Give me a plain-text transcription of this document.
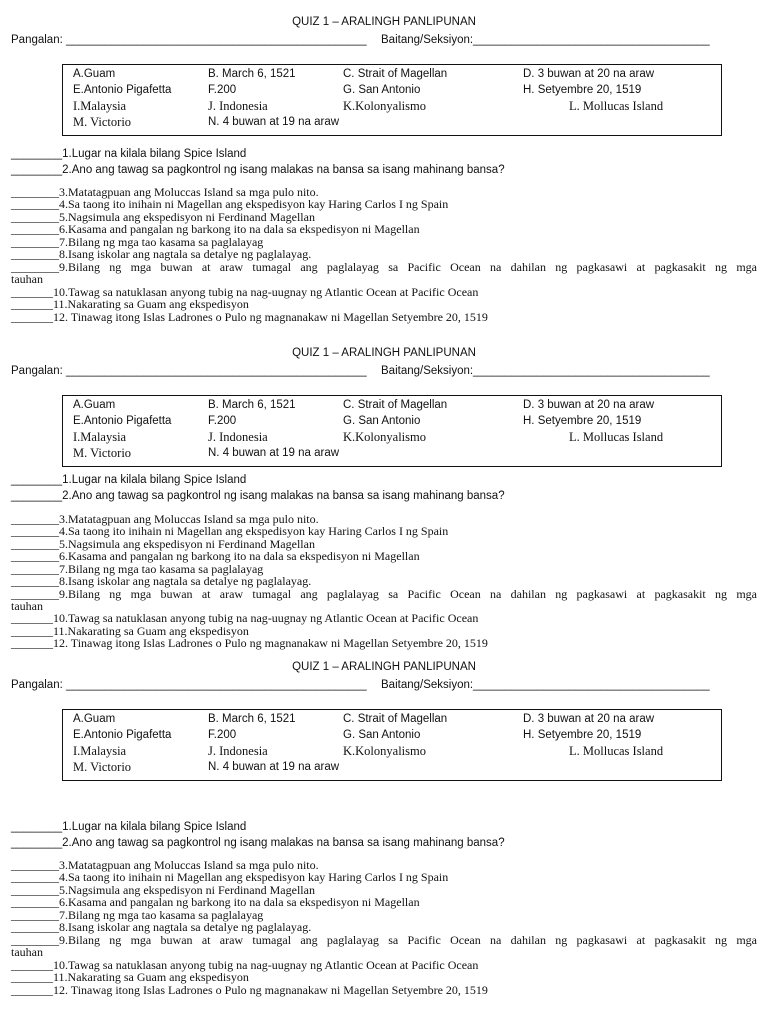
QUIZ 1 – ARALINGH PANLIPUNAN
Pangalan: _______________________________________________ Baitang/Seksiyon:_____________________________________
A.Guam	B. March 6, 1521	C. Strait of Magellan	D. 3 buwan at 20 na araw
E.Antonio Pigafetta	F.200	G. San Antonio	H. Setyembre 20, 1519
I.Malaysia	J. Indonesia	K.Kolonyalismo	L. Mollucas Island
M. Victorio	N. 4 buwan at 19 na araw
________1.Lugar na kilala bilang Spice Island
________2.Ano ang tawag sa pagkontrol ng isang malakas na bansa sa isang mahinang bansa?
________3.Matatagpuan ang Moluccas Island sa mga pulo nito.
________4.Sa taong ito inihain ni Magellan ang ekspedisyon kay Haring Carlos I ng Spain
________5.Nagsimula ang ekspedisyon ni Ferdinand Magellan
________6.Kasama and pangalan ng barkong ito na dala sa ekspedisyon ni Magellan
________7.Bilang ng mga tao kasama sa paglalayag
________8.Isang iskolar ang nagtala sa detalye ng paglalayag.
________9.Bilang ng mga buwan at araw tumagal ang paglalayag sa Pacific Ocean na dahilan ng pagkasawi at pagkasakit ng mga
tauhan
_______10.Tawag sa natuklasan anyong tubig na nag-uugnay ng Atlantic Ocean at Pacific Ocean
_______11.Nakarating sa Guam ang ekspedisyon
_______12. Tinawag itong Islas Ladrones o Pulo ng magnanakaw ni Magellan Setyembre 20, 1519
QUIZ 1 – ARALINGH PANLIPUNAN
Pangalan: _______________________________________________ Baitang/Seksiyon:_____________________________________
A.Guam	B. March 6, 1521	C. Strait of Magellan	D. 3 buwan at 20 na araw
E.Antonio Pigafetta	F.200	G. San Antonio	H. Setyembre 20, 1519
I.Malaysia	J. Indonesia	K.Kolonyalismo	L. Mollucas Island
M. Victorio	N. 4 buwan at 19 na araw
________1.Lugar na kilala bilang Spice Island
________2.Ano ang tawag sa pagkontrol ng isang malakas na bansa sa isang mahinang bansa?
________3.Matatagpuan ang Moluccas Island sa mga pulo nito.
________4.Sa taong ito inihain ni Magellan ang ekspedisyon kay Haring Carlos I ng Spain
________5.Nagsimula ang ekspedisyon ni Ferdinand Magellan
________6.Kasama and pangalan ng barkong ito na dala sa ekspedisyon ni Magellan
________7.Bilang ng mga tao kasama sa paglalayag
________8.Isang iskolar ang nagtala sa detalye ng paglalayag.
________9.Bilang ng mga buwan at araw tumagal ang paglalayag sa Pacific Ocean na dahilan ng pagkasawi at pagkasakit ng mga
tauhan
_______10.Tawag sa natuklasan anyong tubig na nag-uugnay ng Atlantic Ocean at Pacific Ocean
_______11.Nakarating sa Guam ang ekspedisyon
_______12. Tinawag itong Islas Ladrones o Pulo ng magnanakaw ni Magellan Setyembre 20, 1519
QUIZ 1 – ARALINGH PANLIPUNAN
Pangalan: _______________________________________________ Baitang/Seksiyon:_____________________________________
A.Guam	B. March 6, 1521	C. Strait of Magellan	D. 3 buwan at 20 na araw
E.Antonio Pigafetta	F.200	G. San Antonio	H. Setyembre 20, 1519
I.Malaysia	J. Indonesia	K.Kolonyalismo	L. Mollucas Island
M. Victorio	N. 4 buwan at 19 na araw
________1.Lugar na kilala bilang Spice Island
________2.Ano ang tawag sa pagkontrol ng isang malakas na bansa sa isang mahinang bansa?
________3.Matatagpuan ang Moluccas Island sa mga pulo nito.
________4.Sa taong ito inihain ni Magellan ang ekspedisyon kay Haring Carlos I ng Spain
________5.Nagsimula ang ekspedisyon ni Ferdinand Magellan
________6.Kasama and pangalan ng barkong ito na dala sa ekspedisyon ni Magellan
________7.Bilang ng mga tao kasama sa paglalayag
________8.Isang iskolar ang nagtala sa detalye ng paglalayag.
________9.Bilang ng mga buwan at araw tumagal ang paglalayag sa Pacific Ocean na dahilan ng pagkasawi at pagkasakit ng mga
tauhan
_______10.Tawag sa natuklasan anyong tubig na nag-uugnay ng Atlantic Ocean at Pacific Ocean
_______11.Nakarating sa Guam ang ekspedisyon
_______12. Tinawag itong Islas Ladrones o Pulo ng magnanakaw ni Magellan Setyembre 20, 1519
